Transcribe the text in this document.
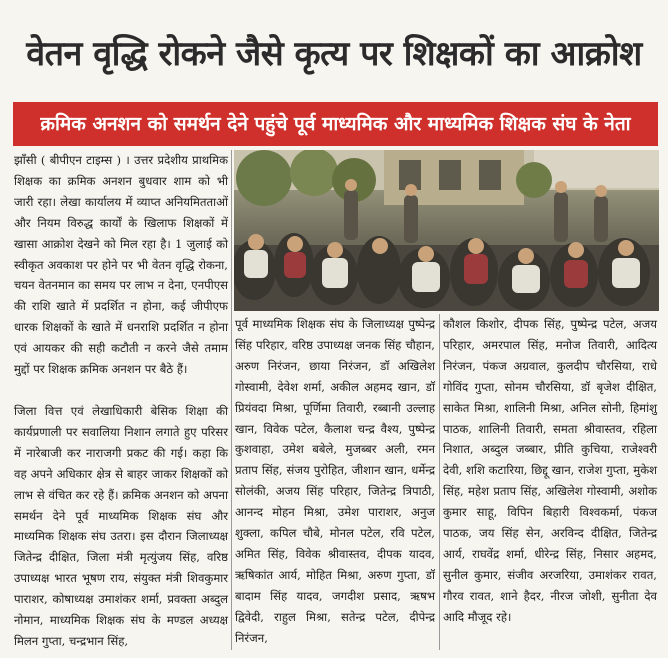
वेतन वृद्धि रोकने जैसे कृत्य पर शिक्षकों का आक्रोश
क्रमिक अनशन को समर्थन देने पहुंचे पूर्व माध्यमिक और माध्यमिक शिक्षक संघ के नेता

झाँसी ( बीपीएन टाइम्स ) । उत्तर प्रदेशीय प्राथमिक शिक्षक का क्रमिक अनशन बुधवार शाम को भी जारी रहा। लेखा कार्यालय में व्याप्त अनियमितताओं और नियम विरुद्ध कार्यों के खिलाफ शिक्षकों में खासा आक्रोश देखने को मिल रहा है। 1 जुलाई को स्वीकृत अवकाश पर होने पर भी वेतन वृद्धि रोकना, चयन वेतनमान का समय पर लाभ न देना, एनपीएस की राशि खाते में प्रदर्शित न होना, कई जीपीएफ धारक शिक्षकों के खाते में धनराशि प्रदर्शित न होना एवं आयकर की सही कटौती न करने जैसे तमाम मुद्दों पर शिक्षक क्रमिक अनशन पर बैठे हैं।

जिला वित्त एवं लेखाधिकारी बेसिक शिक्षा की कार्यप्रणाली पर सवालिया निशान लगाते हुए परिसर में नारेबाजी कर नाराजगी प्रकट की गई। कहा कि वह अपने अधिकार क्षेत्र से बाहर जाकर शिक्षकों को लाभ से वंचित कर रहे हैं। क्रमिक अनशन को अपना समर्थन देने पूर्व माध्यमिक शिक्षक संघ और माध्यमिक शिक्षक संघ उतरा। इस दौरान जिलाध्यक्ष जितेन्द्र दीक्षित, जिला मंत्री मृत्युंजय सिंह, वरिष्ठ उपाध्यक्ष भारत भूषण राय, संयुक्त मंत्री शिवकुमार पाराशर, कोषाध्यक्ष उमाशंकर शर्मा, प्रवक्ता अब्दुल नोमान, माध्यमिक शिक्षक संघ के मण्डल अध्यक्ष मिलन गुप्ता, चन्द्रभान सिंह,

पूर्व माध्यमिक शिक्षक संघ के जिलाध्यक्ष पुष्पेन्द्र सिंह परिहार, वरिष्ठ उपाध्यक्ष जनक सिंह चौहान, अरुण निरंजन, छाया निरंजन, डॉ अखिलेश गोस्वामी, देवेश शर्मा, अकील अहमद खान, डॉ प्रियंवदा मिश्रा, पूर्णिमा तिवारी, रब्बानी उल्लाह खान, विवेक पटेल, कैलाश चन्द्र वैश्य, पुष्पेन्द्र कुशवाहा, उमेश बबेले, मुजब्बर अली, रमन प्रताप सिंह, संजय पुरोहित, जीशान खान, धर्मेन्द्र सोलंकी, अजय सिंह परिहार, जितेन्द्र त्रिपाठी, आनन्द मोहन मिश्रा, उमेश पाराशर, अनुज शुक्ला, कपिल चौबे, मोनल पटेल, रवि पटेल, अमित सिंह, विवेक श्रीवास्तव, दीपक यादव, ऋषिकांत आर्य, मोहित मिश्रा, अरुण गुप्ता, डॉ बादाम सिंह यादव, जगदीश प्रसाद, ऋषभ द्विवेदी, राहुल मिश्रा, सतेन्द्र पटेल, दीपेन्द्र निरंजन,

कौशल किशोर, दीपक सिंह, पुष्पेन्द्र पटेल, अजय परिहार, अमरपाल सिंह, मनोज तिवारी, आदित्य निरंजन, पंकज अग्रवाल, कुलदीप चौरसिया, राधे गोविंद गुप्ता, सोनम चौरसिया, डॉ बृजेश दीक्षित, साकेत मिश्रा, शालिनी मिश्रा, अनिल सोनी, हिमांशु पाठक, शालिनी तिवारी, समता श्रीवास्तव, रहिला निशात, अब्दुल जब्बार, प्रीति कुचिया, राजेश्वरी देवी, शशि कटारिया, छिद्दू खान, राजेश गुप्ता, मुकेश सिंह, महेश प्रताप सिंह, अखिलेश गोस्वामी, अशोक कुमार साहू, विपिन बिहारी विश्वकर्मा, पंकज पाठक, जय सिंह सेन, अरविन्द दीक्षित, जितेन्द्र आर्य, राघवेंद्र शर्मा, धीरेन्द्र सिंह, निसार अहमद, सुनील कुमार, संजीव अरजरिया, उमाशंकर रावत, गौरव रावत, शाने हैदर, नीरज जोशी, सुनीता देव आदि मौजूद रहे।
